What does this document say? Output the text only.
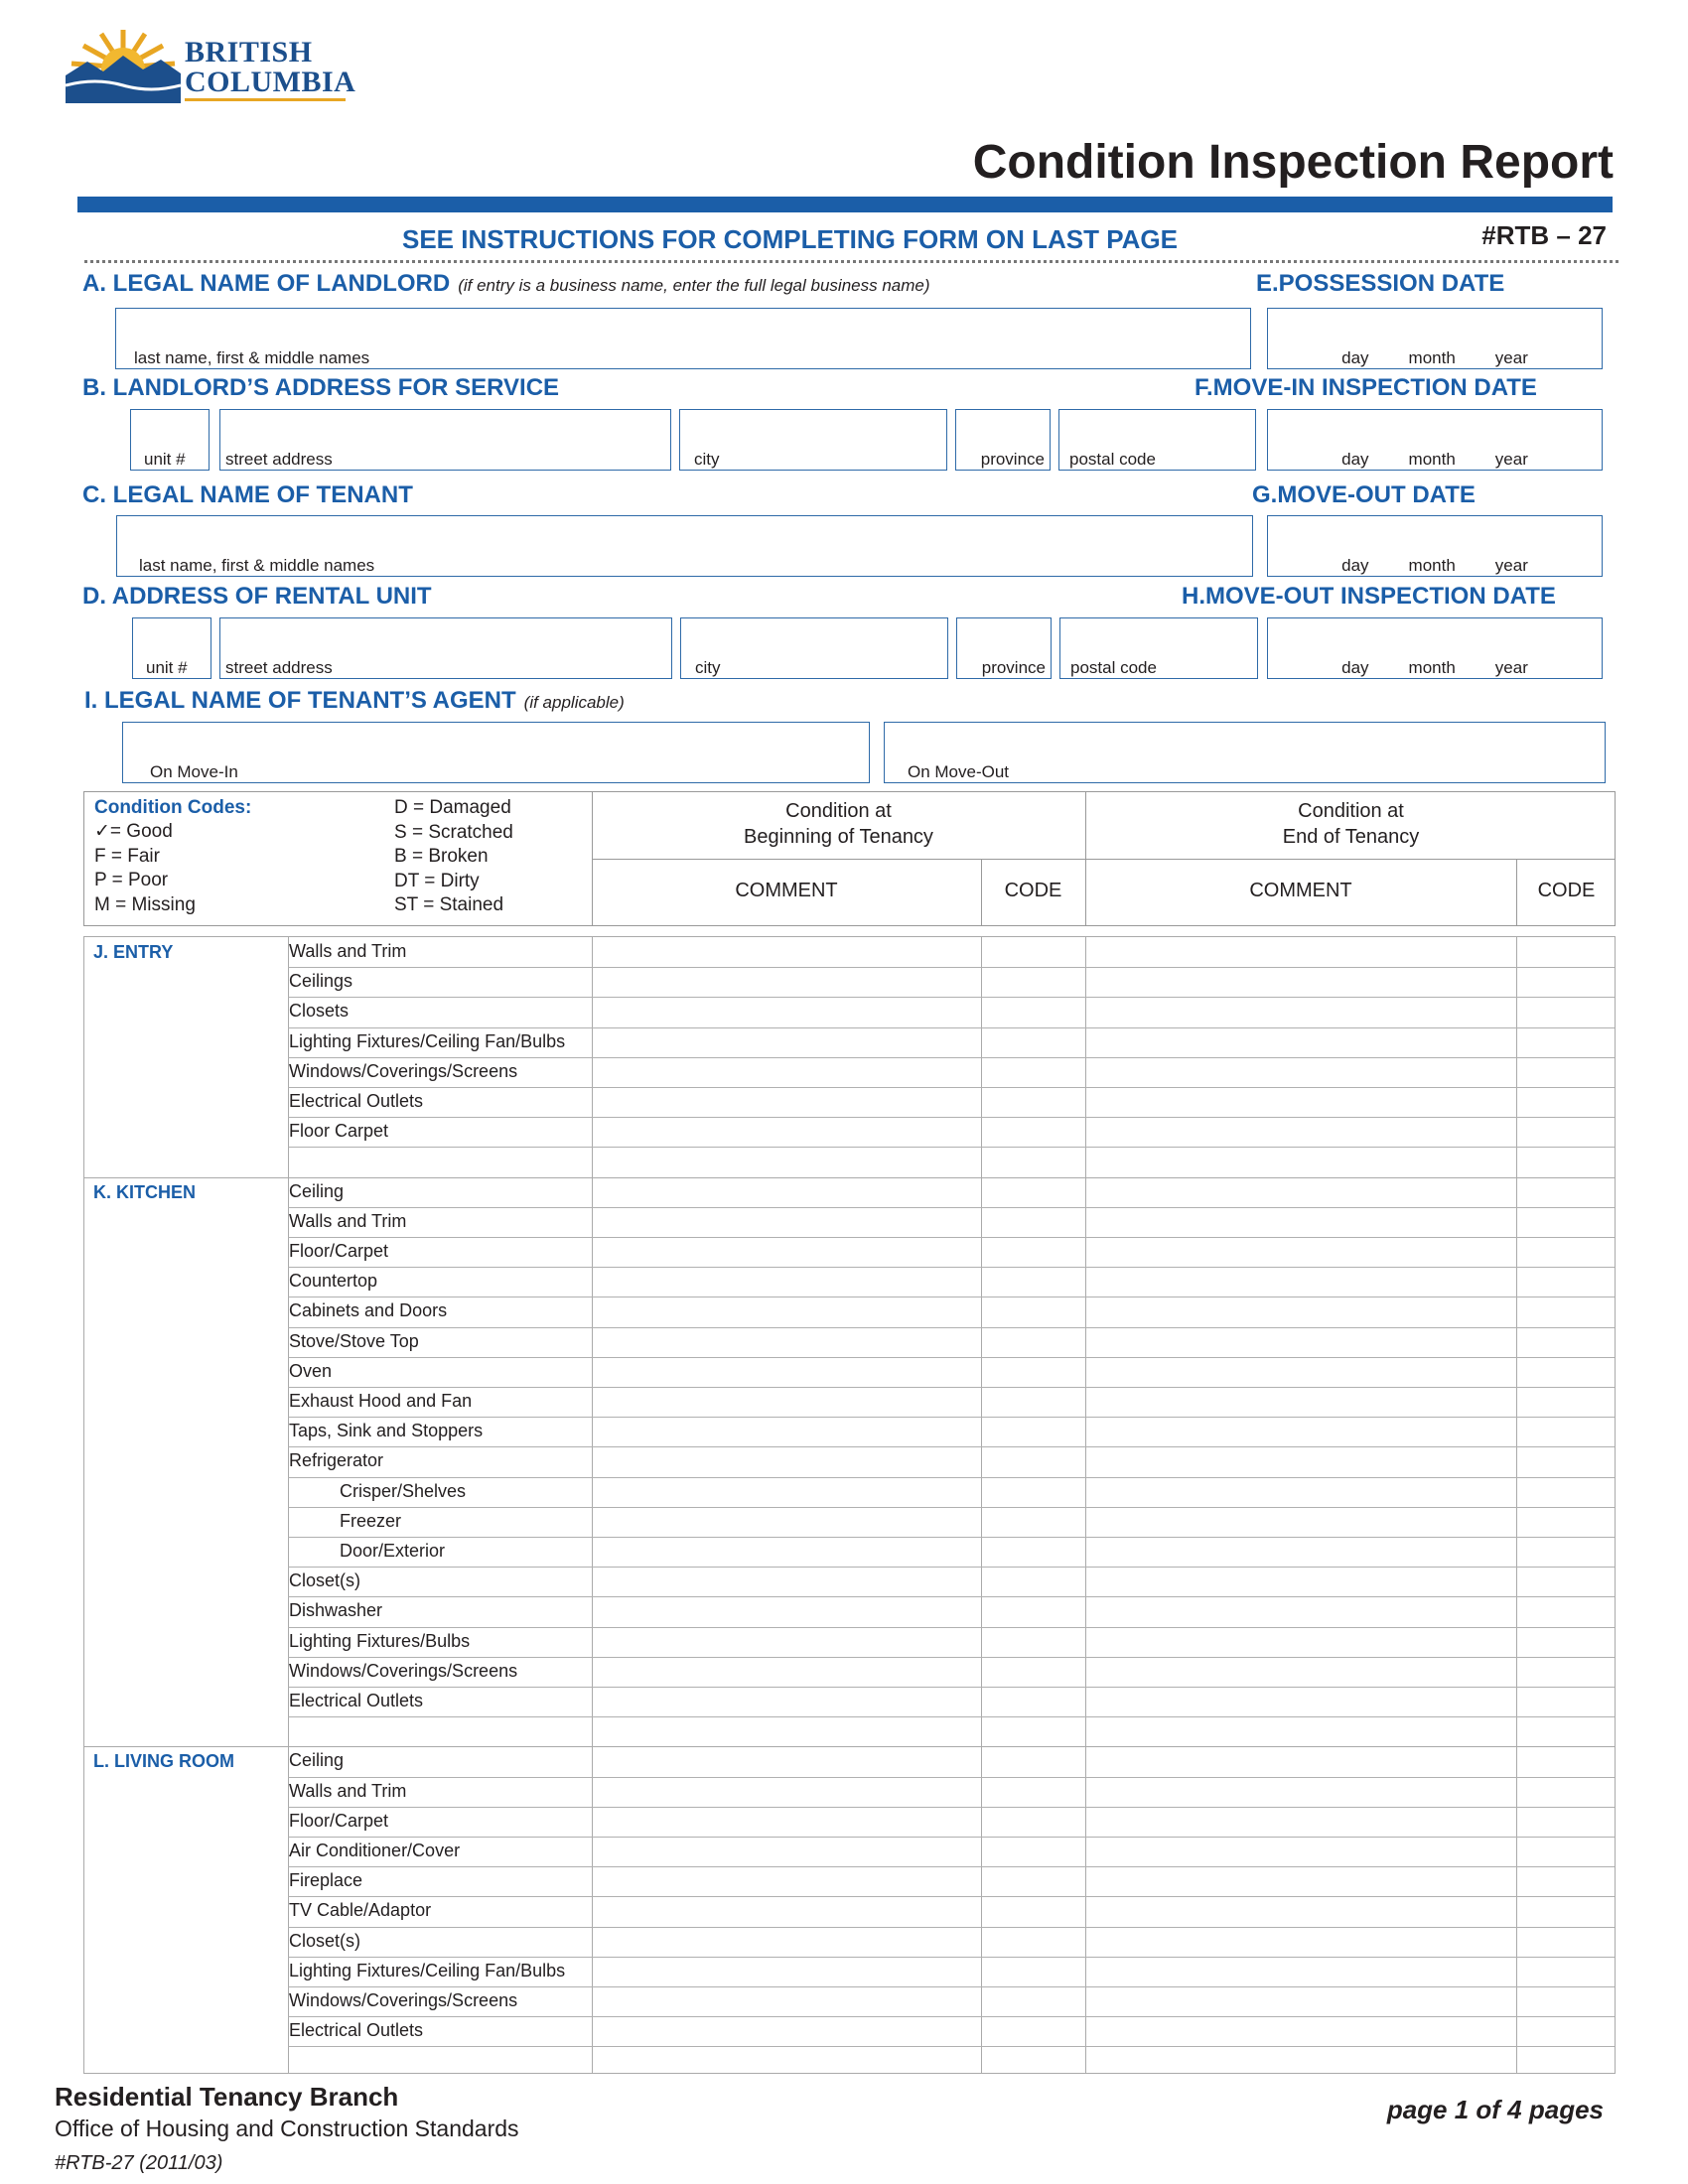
BRITISH
COLUMBIA
Condition Inspection Report
SEE INSTRUCTIONS FOR COMPLETING FORM ON LAST PAGE	#RTB – 27
A. LEGAL NAME OF LANDLORD (if entry is a business name, enter the full legal business name)
last name, first & middle names
E.POSSESSION DATE
day month year
B. LANDLORD’S ADDRESS FOR SERVICE	F.MOVE-IN INSPECTION DATE
unit # street address	city	province postal code	day month year
C. LEGAL NAME OF TENANT	G.MOVE-OUT DATE
last name, first & middle names	day month year
D. ADDRESS OF RENTAL UNIT	H.MOVE-OUT INSPECTION DATE
unit # street address	city	province postal code	day month year
I. LEGAL NAME OF TENANT’S AGENT (if applicable)
On Move-In	On Move-Out
Condition Codes:
✓= Good
F = Fair
P = Poor
M = Missing
D = Damaged
S = Scratched
B = Broken
DT = Dirty
ST = Stained
Condition at
Beginning of Tenancy
Condition at
End of Tenancy
COMMENT	CODE	COMMENT	CODE
J. ENTRY	Walls and Trim
Ceilings
Closets
Lighting Fixtures/Ceiling Fan/Bulbs
Windows/Coverings/Screens
Electrical Outlets
Floor Carpet
K. KITCHEN	Ceiling
Walls and Trim
Floor/Carpet
Countertop
Cabinets and Doors
Stove/Stove Top
Oven
Exhaust Hood and Fan
Taps, Sink and Stoppers
Refrigerator
Crisper/Shelves
Freezer
Door/Exterior
Closet(s)
Dishwasher
Lighting Fixtures/Bulbs
Windows/Coverings/Screens
Electrical Outlets
L. LIVING ROOM	Ceiling
Walls and Trim
Floor/Carpet
Air Conditioner/Cover
Fireplace
TV Cable/Adaptor
Closet(s)
Lighting Fixtures/Ceiling Fan/Bulbs
Windows/Coverings/Screens
Electrical Outlets
Residential Tenancy Branch
Office of Housing and Construction Standards
#RTB-27 (2011/03)
page 1 of 4 pages
